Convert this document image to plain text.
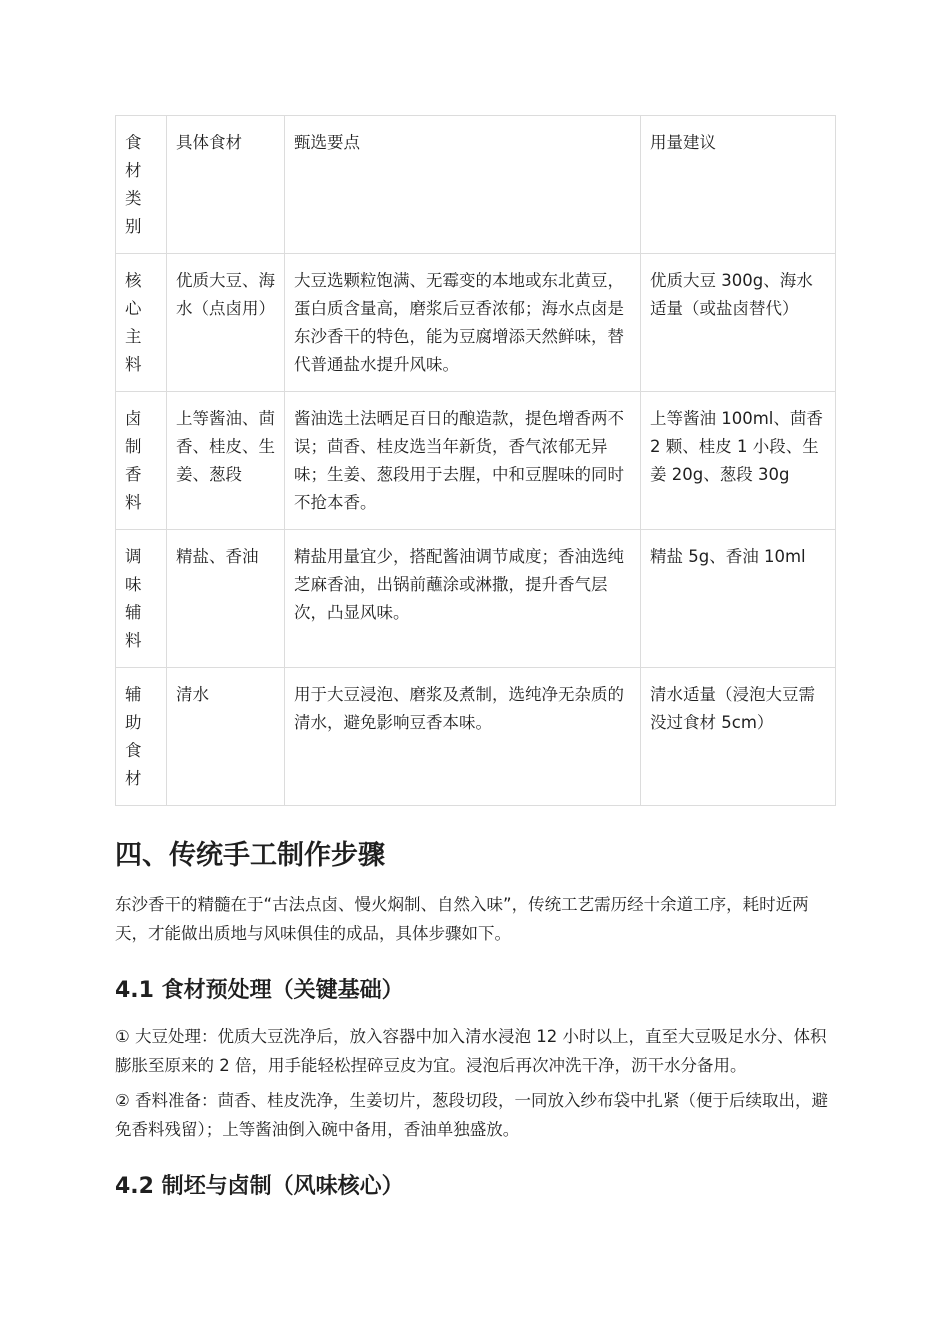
食材类别	具体食材	甄选要点	用量建议
核心主料	优质大豆、海水（点卤用）	大豆选颗粒饱满、无霉变的本地或东北黄豆，蛋白质含量高，磨浆后豆香浓郁；海水点卤是东沙香干的特色，能为豆腐增添天然鲜味，替代普通盐水提升风味。	优质大豆 300g、海水适量（或盐卤替代）
卤制香料	上等酱油、茴香、桂皮、生姜、葱段	酱油选土法晒足百日的酿造款，提色增香两不误；茴香、桂皮选当年新货，香气浓郁无异味；生姜、葱段用于去腥，中和豆腥味的同时不抢本香。	上等酱油 100ml、茴香 2 颗、桂皮 1 小段、生姜 20g、葱段 30g
调味辅料	精盐、香油	精盐用量宜少，搭配酱油调节咸度；香油选纯芝麻香油，出锅前蘸涂或淋撒，提升香气层次，凸显风味。	精盐 5g、香油 10ml
辅助食材	清水	用于大豆浸泡、磨浆及煮制，选纯净无杂质的清水，避免影响豆香本味。	清水适量（浸泡大豆需没过食材 5cm）
四、传统手工制作步骤

东沙香干的精髓在于“古法点卤、慢火焖制、自然入味”，传统工艺需历经十余道工序，耗时近两天，才能做出质地与风味俱佳的成品，具体步骤如下。

4.1 食材预处理（关键基础）

① 大豆处理：优质大豆洗净后，放入容器中加入清水浸泡 12 小时以上，直至大豆吸足水分、体积膨胀至原来的 2 倍，用手能轻松捏碎豆皮为宜。浸泡后再次冲洗干净，沥干水分备用。

② 香料准备：茴香、桂皮洗净，生姜切片，葱段切段，一同放入纱布袋中扎紧（便于后续取出，避免香料残留）；上等酱油倒入碗中备用，香油单独盛放。

4.2 制坯与卤制（风味核心）
